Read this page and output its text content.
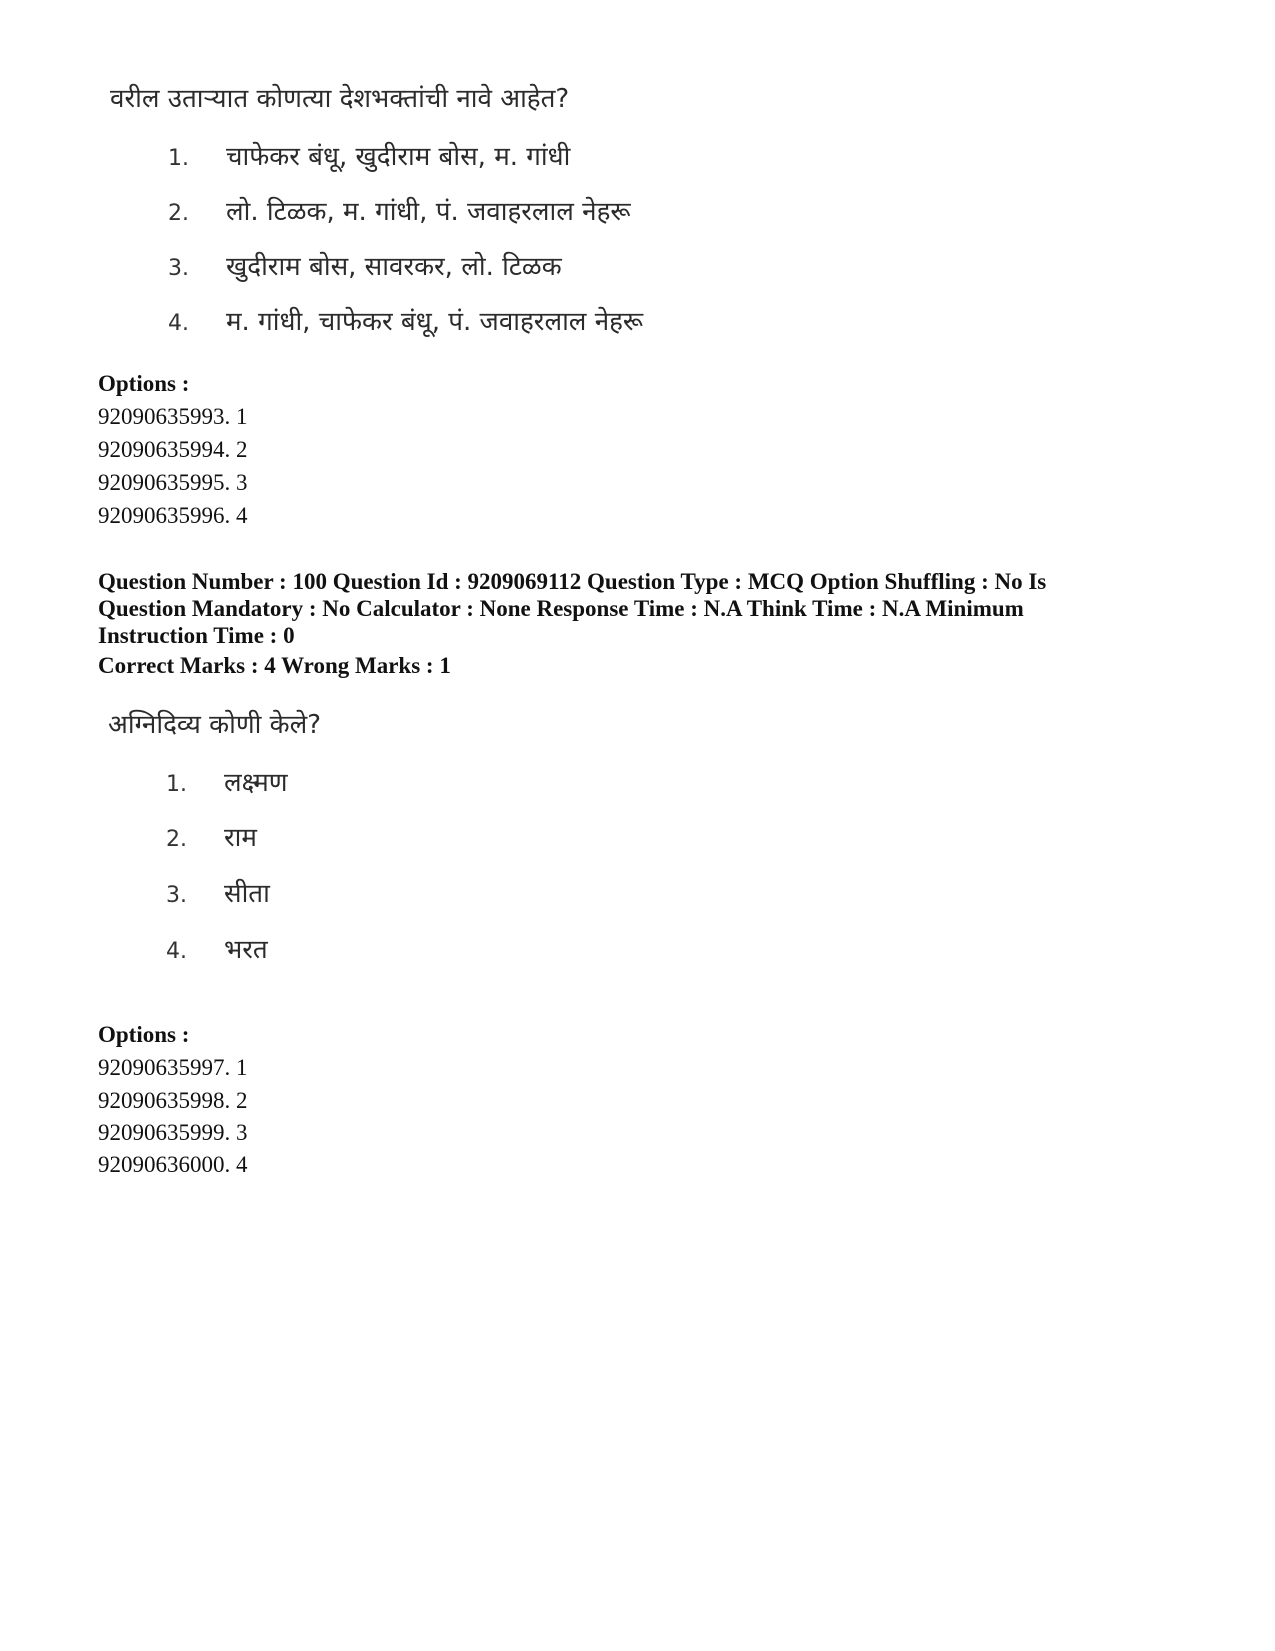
वरील उताऱ्यात कोणत्या देशभक्तांची नावे आहेत?
1. चाफेकर बंधू, खुदीराम बोस, म. गांधी
2. लो. टिळक, म. गांधी, पं. जवाहरलाल नेहरू
3. खुदीराम बोस, सावरकर, लो. टिळक
4. म. गांधी, चाफेकर बंधू, पं. जवाहरलाल नेहरू
Options :
92090635993. 1
92090635994. 2
92090635995. 3
92090635996. 4
Question Number : 100 Question Id : 9209069112 Question Type : MCQ Option Shuffling : No Is
Question Mandatory : No Calculator : None Response Time : N.A Think Time : N.A Minimum
Instruction Time : 0
Correct Marks : 4 Wrong Marks : 1
अग्निदिव्य कोणी केले?
1. लक्ष्मण
2. राम
3. सीता
4. भरत
Options :
92090635997. 1
92090635998. 2
92090635999. 3
92090636000. 4
